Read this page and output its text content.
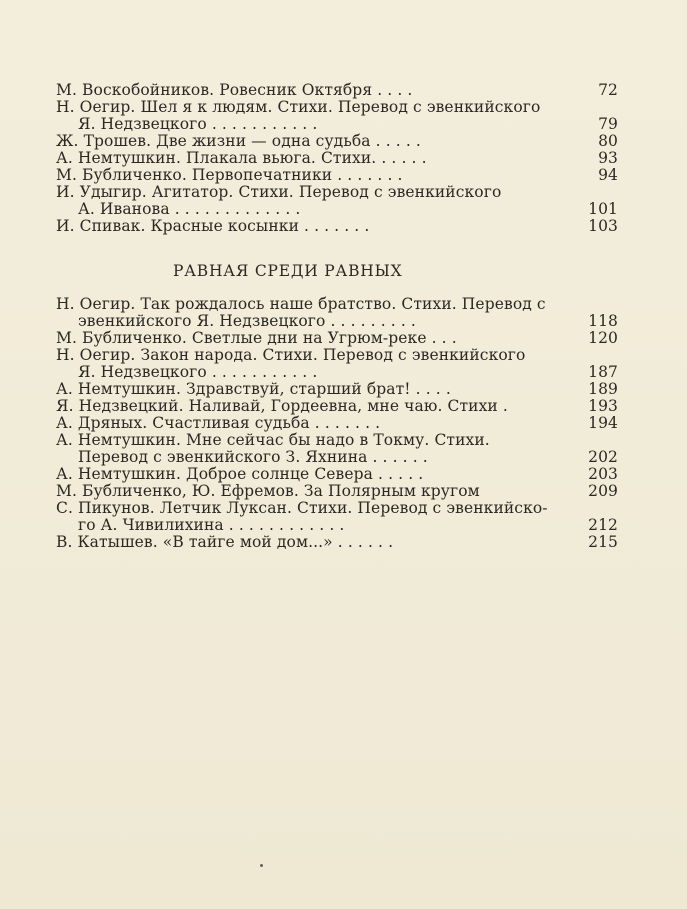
М. Воскобойников. Ровесник Октября . . . .	72
Н. Оегир. Шел я к людям. Стихи. Перевод с эвенкийского
Я. Недзвецкого . . . . . . . . . . .	79
Ж. Трошев. Две жизни — одна судьба . . . . .	80
А. Немтушкин. Плакала вьюга. Стихи. . . . . .	93
М. Бубличенко. Первопечатники . . . . . . .	94
И. Удыгир. Агитатор. Стихи. Перевод с эвенкийского
А. Иванова . . . . . . . . . . . . .	101
И. Спивак. Красные косынки . . . . . . .	103
РАВНАЯ СРЕДИ РАВНЫХ
Н. Оегир. Так рождалось наше братство. Стихи. Перевод с
эвенкийского Я. Недзвецкого . . . . . . . . .	118
М. Бубличенко. Светлые дни на Угрюм-реке . . .	120
Н. Оегир. Закон народа. Стихи. Перевод с эвенкийского
Я. Недзвецкого . . . . . . . . . . .	187
А. Немтушкин. Здравствуй, старший брат! . . . .	189
Я. Недзвецкий. Наливай, Гордеевна, мне чаю. Стихи .	193
А. Дряныx. Счастливая судьба . . . . . . .	194
А. Немтушкин. Мне сейчас бы надо в Токму. Стихи.
Перевод с эвенкийского З. Яхнина . . . . . .	202
А. Немтушкин. Доброе солнце Севера . . . . .	203
М. Бубличенко, Ю. Ефремов. За Полярным кругом	209
С. Пикунов. Летчик Луксан. Стихи. Перевод с эвенкийско-
го А. Чивилихина . . . . . . . . . . . .	212
В. Катышев. «В тайге мой дом...» . . . . . .	215
